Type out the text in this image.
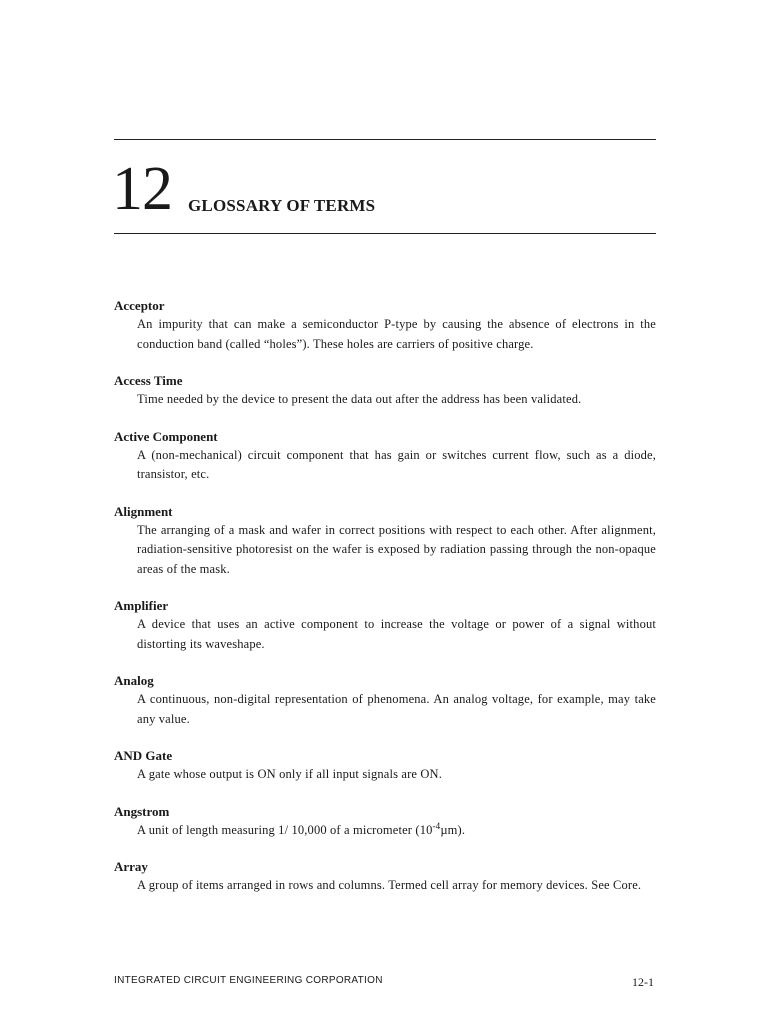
12 GLOSSARY OF TERMS
Acceptor
An impurity that can make a semiconductor P-type by causing the absence of electrons in the conduction band (called “holes”). These holes are carriers of positive charge.
Access Time
Time needed by the device to present the data out after the address has been validated.
Active Component
A (non-mechanical) circuit component that has gain or switches current flow, such as a diode, transistor, etc.
Alignment
The arranging of a mask and wafer in correct positions with respect to each other. After alignment, radiation-sensitive photoresist on the wafer is exposed by radiation passing through the non-opaque areas of the mask.
Amplifier
A device that uses an active component to increase the voltage or power of a signal without distorting its waveshape.
Analog
A continuous, non-digital representation of phenomena. An analog voltage, for example, may take any value.
AND Gate
A gate whose output is ON only if all input signals are ON.
Angstrom
A unit of length measuring 1/ 10,000 of a micrometer $(10^{-4}\mu m)$.
Array
A group of items arranged in rows and columns. Termed cell array for memory devices. See Core.
INTEGRATED CIRCUIT ENGINEERING CORPORATION	12-1
